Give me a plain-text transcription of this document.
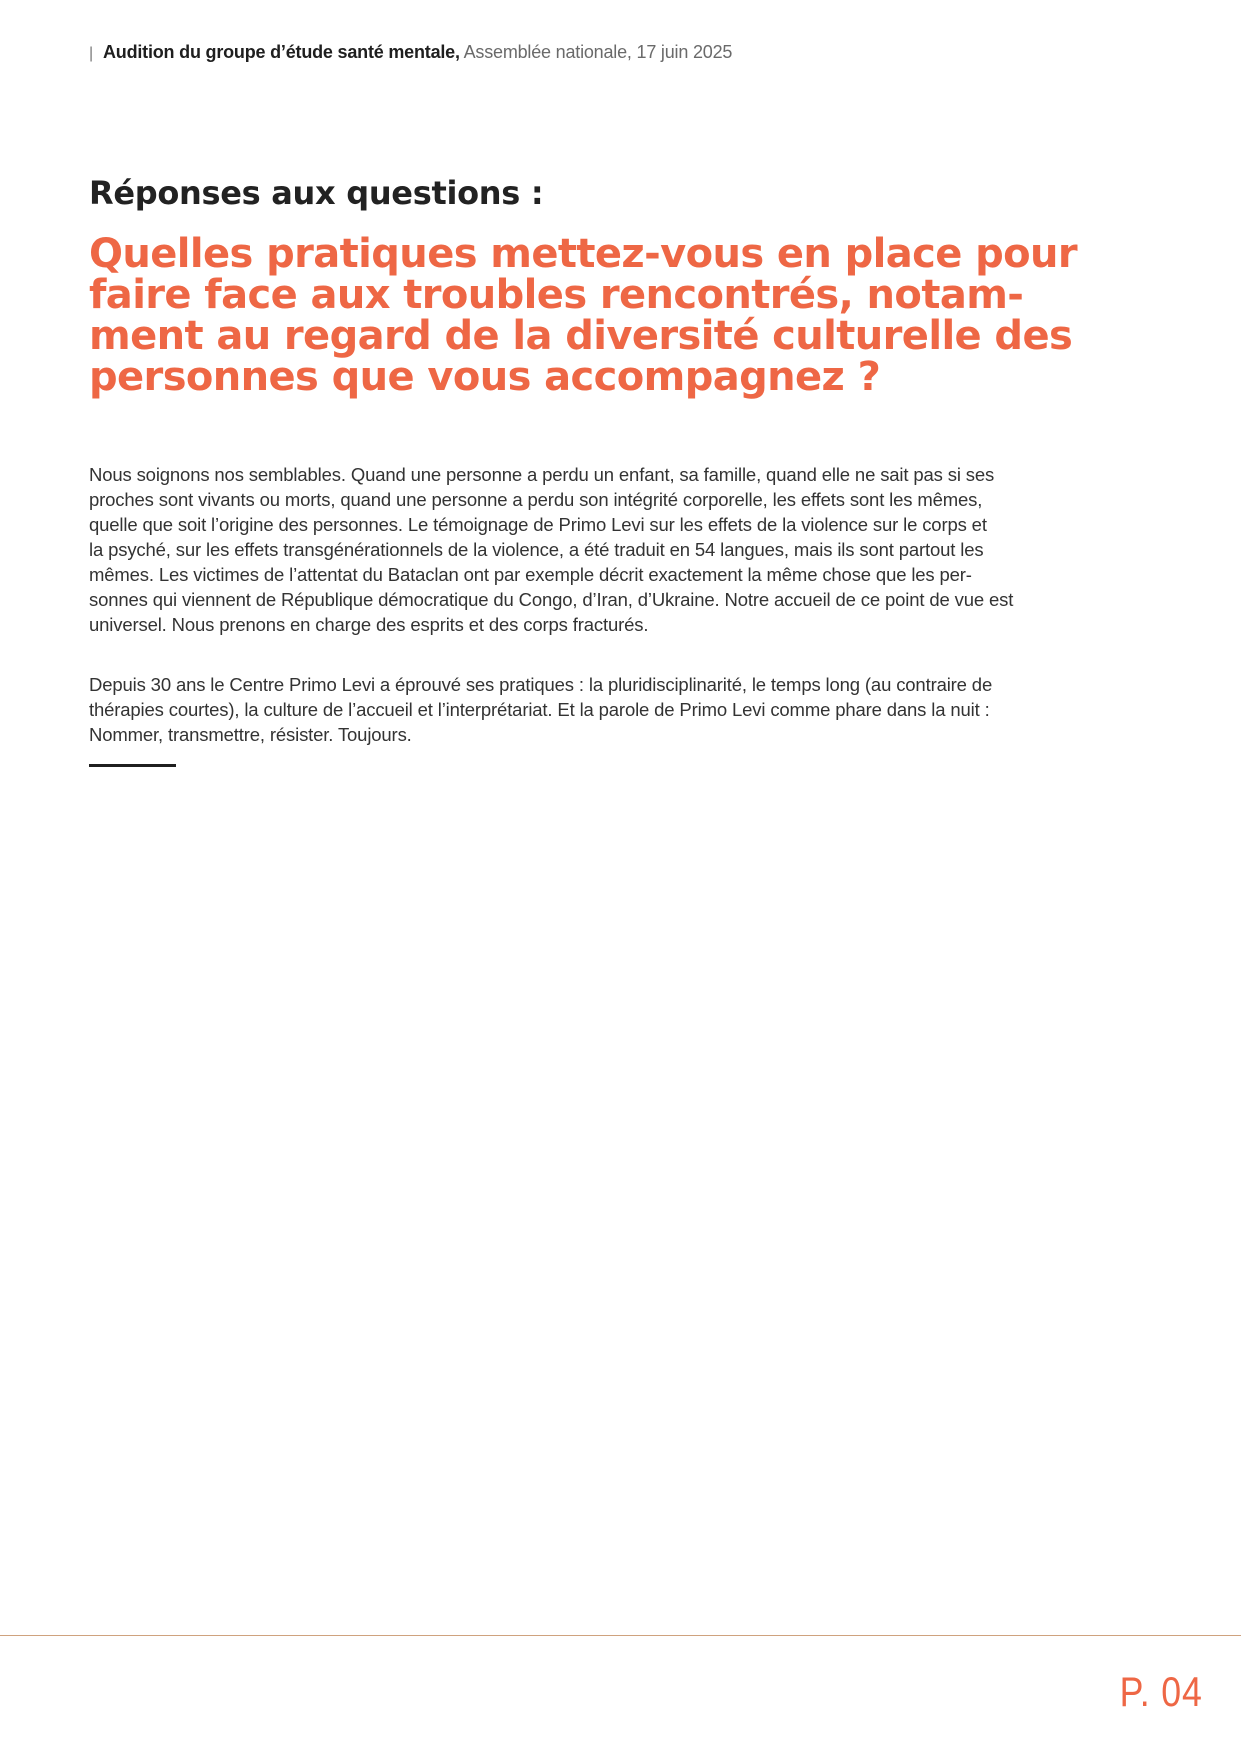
| Audition du groupe d’étude santé mentale, Assemblée nationale, 17 juin 2025
Réponses aux questions :
Quelles pratiques mettez-vous en place pour
faire face aux troubles rencontrés, notam-
ment au regard de la diversité culturelle des
personnes que vous accompagnez ?

Nous soignons nos semblables. Quand une personne a perdu un enfant, sa famille, quand elle ne sait pas si ses
proches sont vivants ou morts, quand une personne a perdu son intégrité corporelle, les effets sont les mêmes,
quelle que soit l’origine des personnes. Le témoignage de Primo Levi sur les effets de la violence sur le corps et
la psyché, sur les effets transgénérationnels de la violence, a été traduit en 54 langues, mais ils sont partout les
mêmes. Les victimes de l’attentat du Bataclan ont par exemple décrit exactement la même chose que les per-
sonnes qui viennent de République démocratique du Congo, d’Iran, d’Ukraine. Notre accueil de ce point de vue est
universel. Nous prenons en charge des esprits et des corps fracturés.

Depuis 30 ans le Centre Primo Levi a éprouvé ses pratiques : la pluridisciplinarité, le temps long (au contraire de
thérapies courtes), la culture de l’accueil et l’interprétariat. Et la parole de Primo Levi comme phare dans la nuit :
Nommer, transmettre, résister. Toujours.

P. 04
